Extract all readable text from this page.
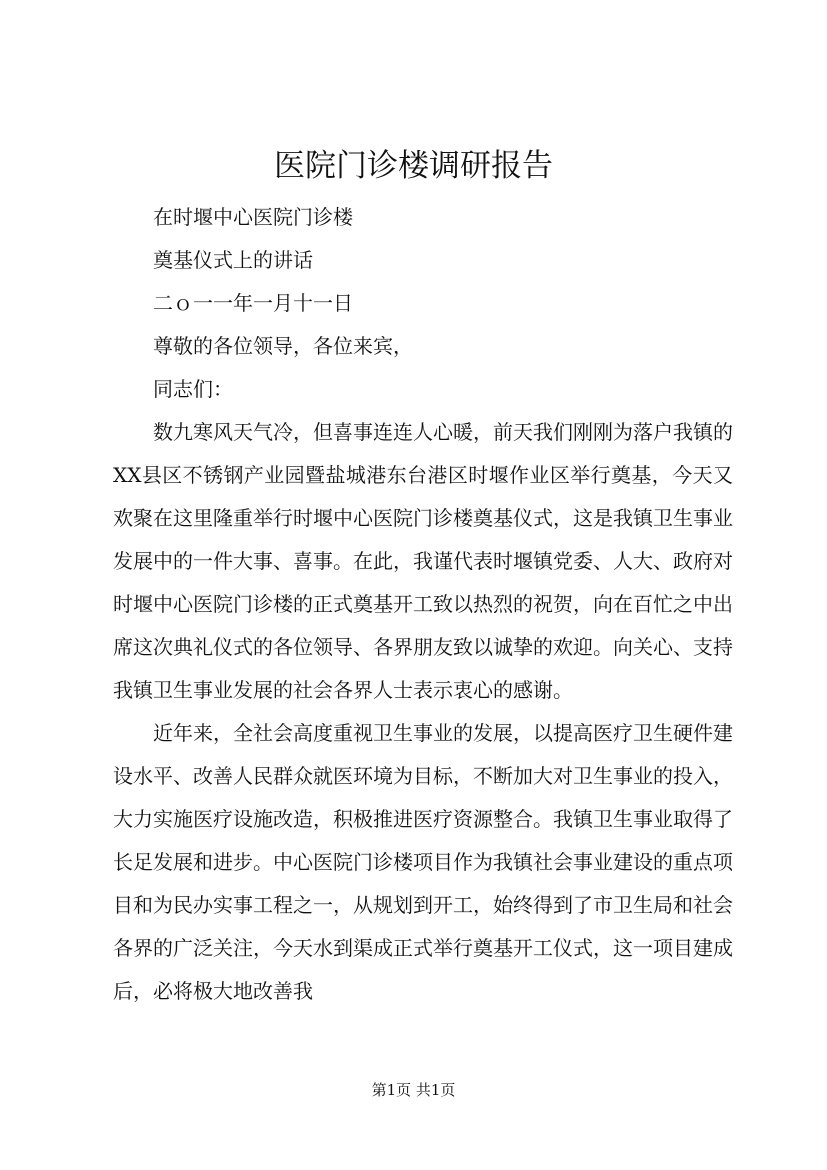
医院门诊楼调研报告

在时堰中心医院门诊楼

奠基仪式上的讲话

二ｏ一一年一月十一日

尊敬的各位领导，各位来宾，

同志们：

数九寒风天气冷，但喜事连连人心暖，前天我们刚刚为落户我镇的XX县区不锈钢产业园暨盐城港东台港区时堰作业区举行奠基，今天又欢聚在这里隆重举行时堰中心医院门诊楼奠基仪式，这是我镇卫生事业发展中的一件大事、喜事。在此，我谨代表时堰镇党委、人大、政府对时堰中心医院门诊楼的正式奠基开工致以热烈的祝贺，向在百忙之中出席这次典礼仪式的各位领导、各界朋友致以诚挚的欢迎。向关心、支持我镇卫生事业发展的社会各界人士表示衷心的感谢。

近年来，全社会高度重视卫生事业的发展，以提高医疗卫生硬件建设水平、改善人民群众就医环境为目标，不断加大对卫生事业的投入，大力实施医疗设施改造，积极推进医疗资源整合。我镇卫生事业取得了长足发展和进步。中心医院门诊楼项目作为我镇社会事业建设的重点项目和为民办实事工程之一，从规划到开工，始终得到了市卫生局和社会各界的广泛关注，今天水到渠成正式举行奠基开工仪式，这一项目建成后，必将极大地改善我

第1页 共1页
